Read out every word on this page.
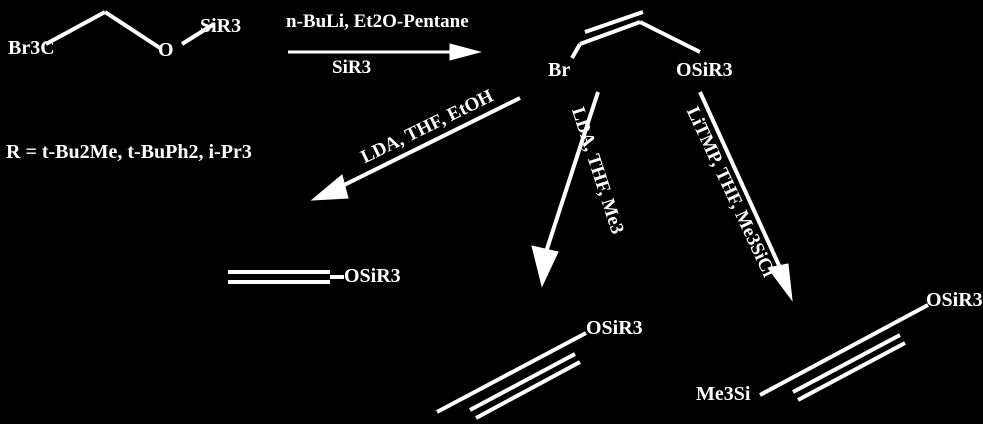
Br3C	O
SiR3 n-BuLi, Et2O-Pentane
SiR3	Br	OSiR3
R = t-Bu2Me, t-BuPh2, i-Pr3	LDA, THF, EtOH	LDA, THF, Me3	LiTMP, THF, Me3SiCl
OSiR3
OSiR3
OSiR3
Me3Si
